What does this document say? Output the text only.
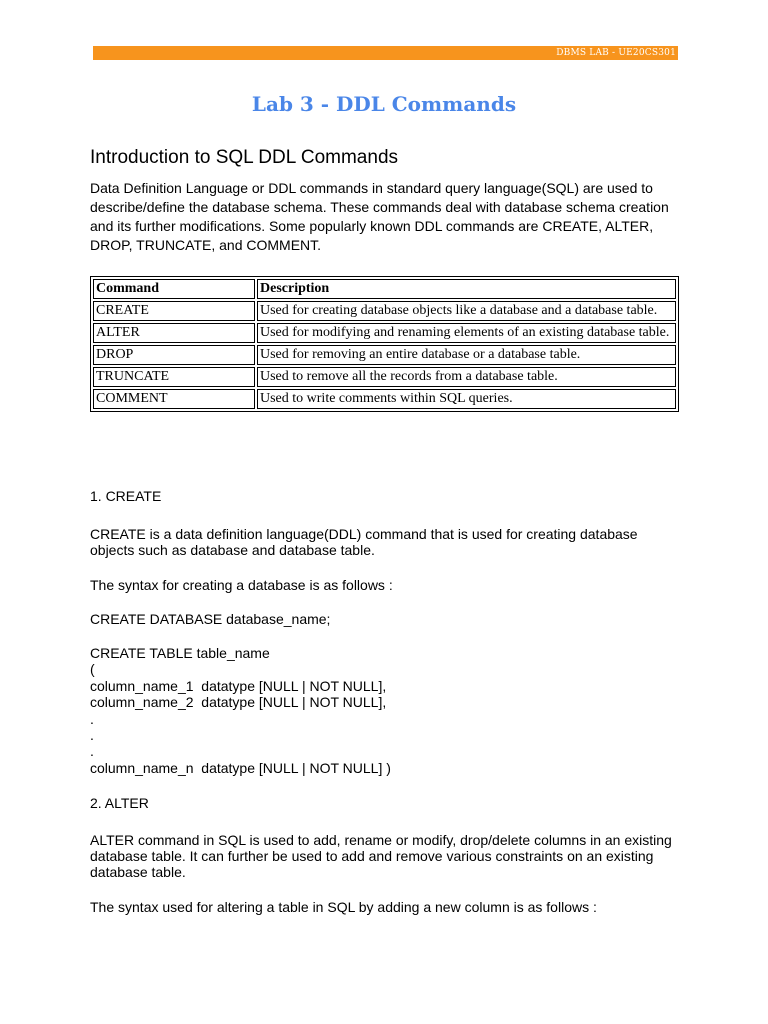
DBMS LAB - UE20CS301
Lab 3 - DDL Commands
Introduction to SQL DDL Commands
Data Definition Language or DDL commands in standard query language(SQL) are used to describe/define the database schema. These commands deal with database schema creation and its further modifications. Some popularly known DDL commands are CREATE, ALTER, DROP, TRUNCATE, and COMMENT.
Command	Description
CREATE	Used for creating database objects like a database and a database table.
ALTER	Used for modifying and renaming elements of an existing database table.
DROP	Used for removing an entire database or a database table.
TRUNCATE	Used to remove all the records from a database table.
COMMENT	Used to write comments within SQL queries.
1. CREATE
CREATE is a data definition language(DDL) command that is used for creating database objects such as database and database table.
The syntax for creating a database is as follows :
CREATE DATABASE database_name;
CREATE TABLE table_name
(
column_name_1  datatype [NULL | NOT NULL],
column_name_2  datatype [NULL | NOT NULL],
.
.
.
column_name_n  datatype [NULL | NOT NULL] )
2. ALTER
ALTER command in SQL is used to add, rename or modify, drop/delete columns in an existing database table. It can further be used to add and remove various constraints on an existing database table.
The syntax used for altering a table in SQL by adding a new column is as follows :
